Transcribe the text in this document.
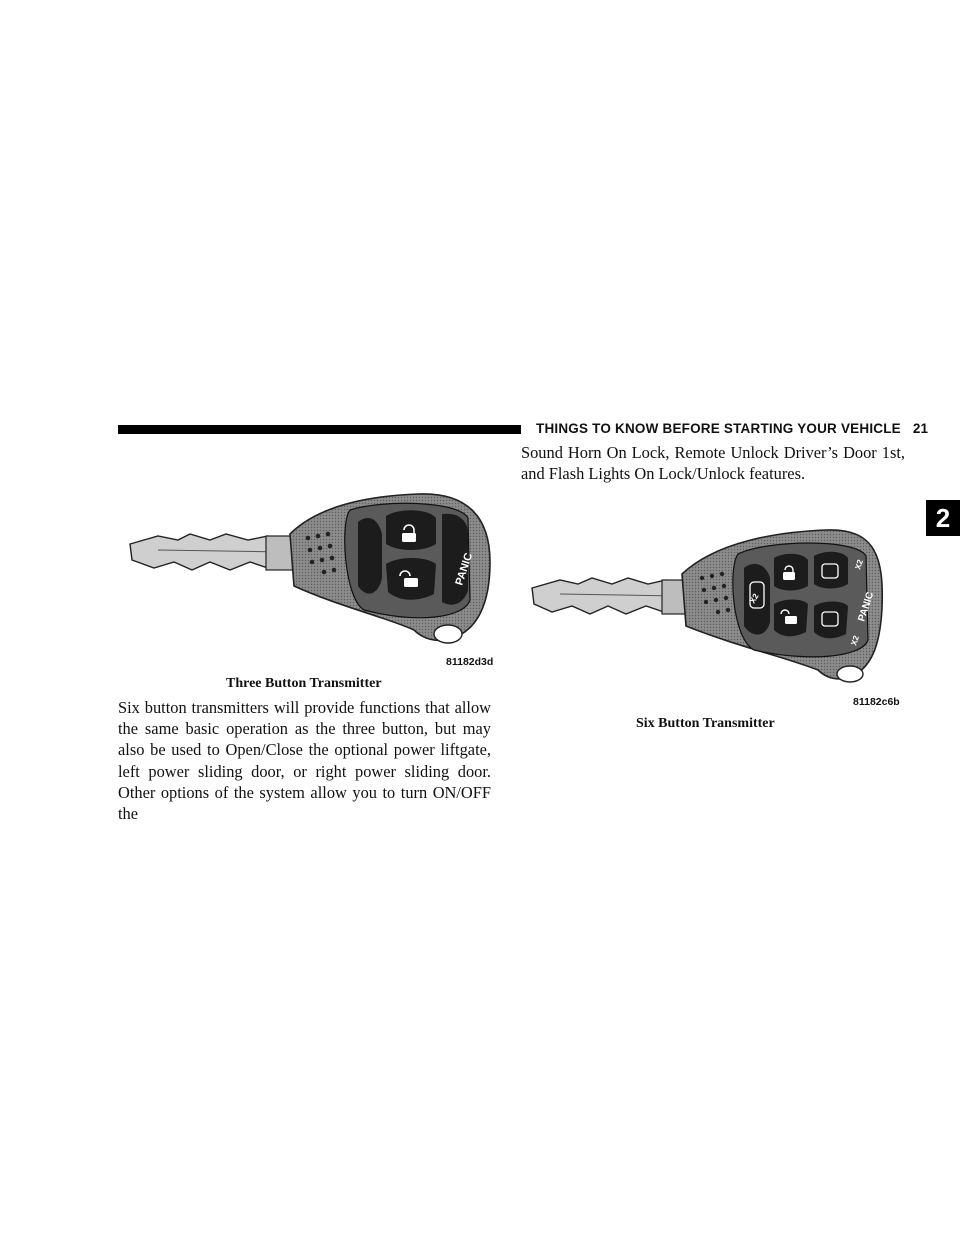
THINGS TO KNOW BEFORE STARTING YOUR VEHICLE 21
2
PANIC
81182d3d
Three Button Transmitter

Six button transmitters will provide functions that allow the same basic operation as the three button, but may also be used to Open/Close the optional power liftgate, left power sliding door, or right power sliding door. Other options of the system allow you to turn ON/OFF the

Sound Horn On Lock, Remote Unlock Driver’s Door 1st, and Flash Lights On Lock/Unlock features.

PANIC
X2
X2
X2
81182c6b
Six Button Transmitter
